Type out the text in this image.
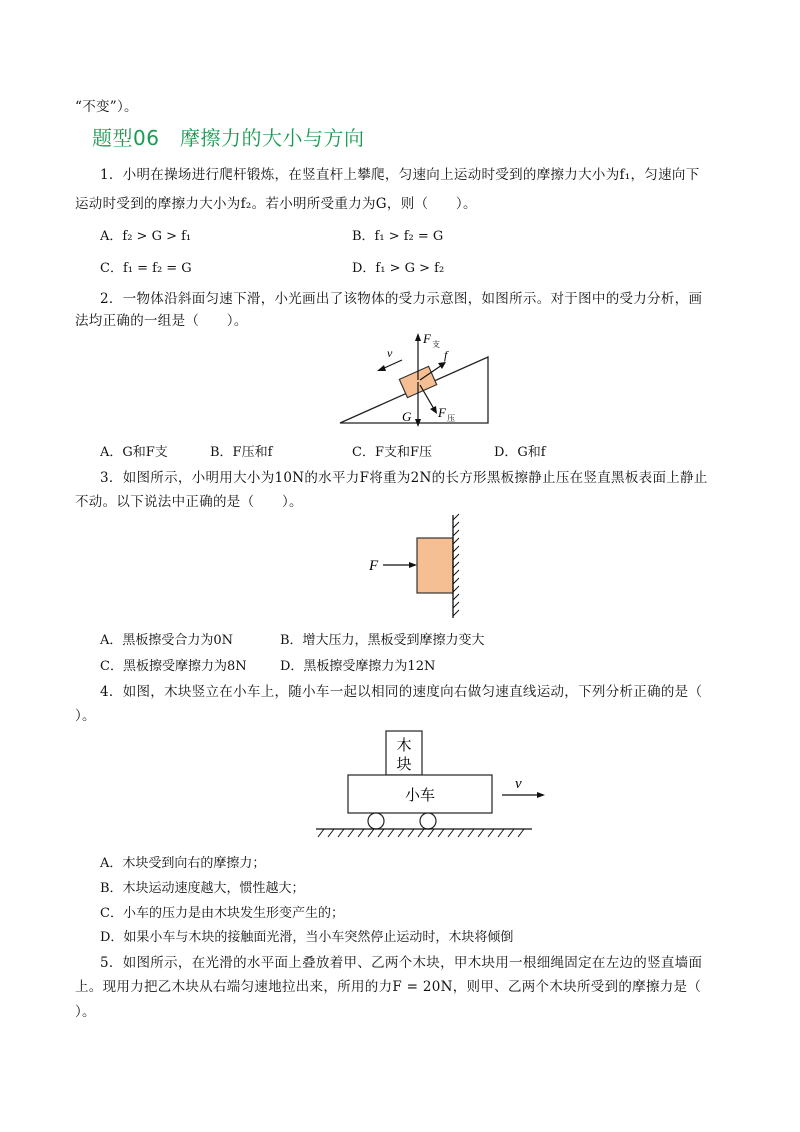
“不变”）。
题型06　摩擦力的大小与方向
1．小明在操场进行爬杆锻炼，在竖直杆上攀爬，匀速向上运动时受到的摩擦力大小为f₁，匀速向下
运动时受到的摩擦力大小为f₂。若小明所受重力为G，则（　　）。
A．f₂ > G > f₁	B．f₁ > f₂ = G
C．f₁ = f₂ = G	D．f₁ > G > f₂
2．一物体沿斜面匀速下滑，小光画出了该物体的受力示意图，如图所示。对于图中的受力分析，画
法均正确的一组是（　　）。
v
F 支
f
G F 压
A．G和F支	B．F压和f	C．F支和F压	D．G和f
3．如图所示，小明用大小为10N的水平力F将重为2N的长方形黑板擦静止压在竖直黑板表面上静止
不动。以下说法中正确的是（　　）。
F
A．黑板擦受合力为0N	B．增大压力，黑板受到摩擦力变大
C．黑板擦受摩擦力为8N	D．黑板擦受摩擦力为12N
4．如图，木块竖立在小车上，随小车一起以相同的速度向右做匀速直线运动，下列分析正确的是（
）。
木
块
小车
v
A．木块受到向右的摩擦力；
B．木块运动速度越大，惯性越大；
C．小车的压力是由木块发生形变产生的；
D．如果小车与木块的接触面光滑，当小车突然停止运动时，木块将倾倒
5．如图所示，在光滑的水平面上叠放着甲、乙两个木块，甲木块用一根细绳固定在左边的竖直墙面
上。现用力把乙木块从右端匀速地拉出来，所用的力F = 20N，则甲、乙两个木块所受到的摩擦力是（
）。
